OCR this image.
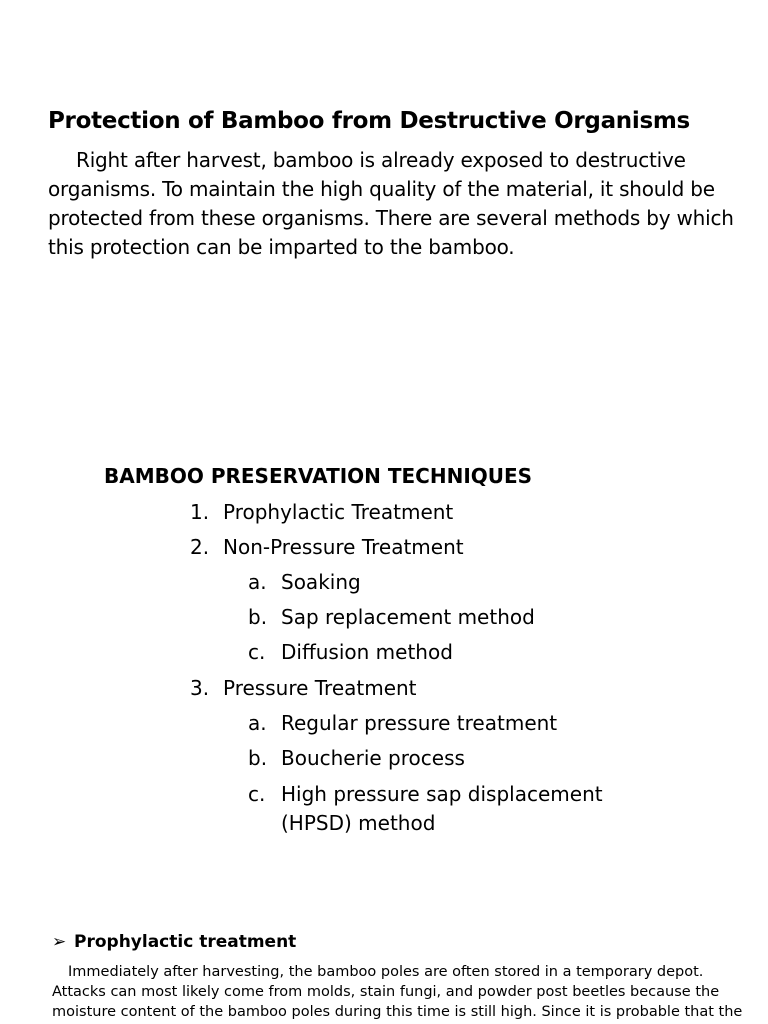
Protection of Bamboo from Destructive Organisms

Right after harvest, bamboo is already exposed to destructive

organisms. To maintain the high quality of the material, it should be

protected from these organisms. There are several methods by which

this protection can be imparted to the bamboo.

BAMBOO PRESERVATION TECHNIQUES
1. Prophylactic Treatment
2. Non-Pressure Treatment
a. Soaking
b. Sap replacement method
c. Diffusion method
3. Pressure Treatment
a. Regular pressure treatment
b. Boucherie process
c. High pressure sap displacement
(HPSD) method
➢ Prophylactic treatment

Immediately after harvesting, the bamboo poles are often stored in a temporary depot.

Attacks can most likely come from molds, stain fungi, and powder post beetles because the

moisture content of the bamboo poles during this time is still high. Since it is probable that the
